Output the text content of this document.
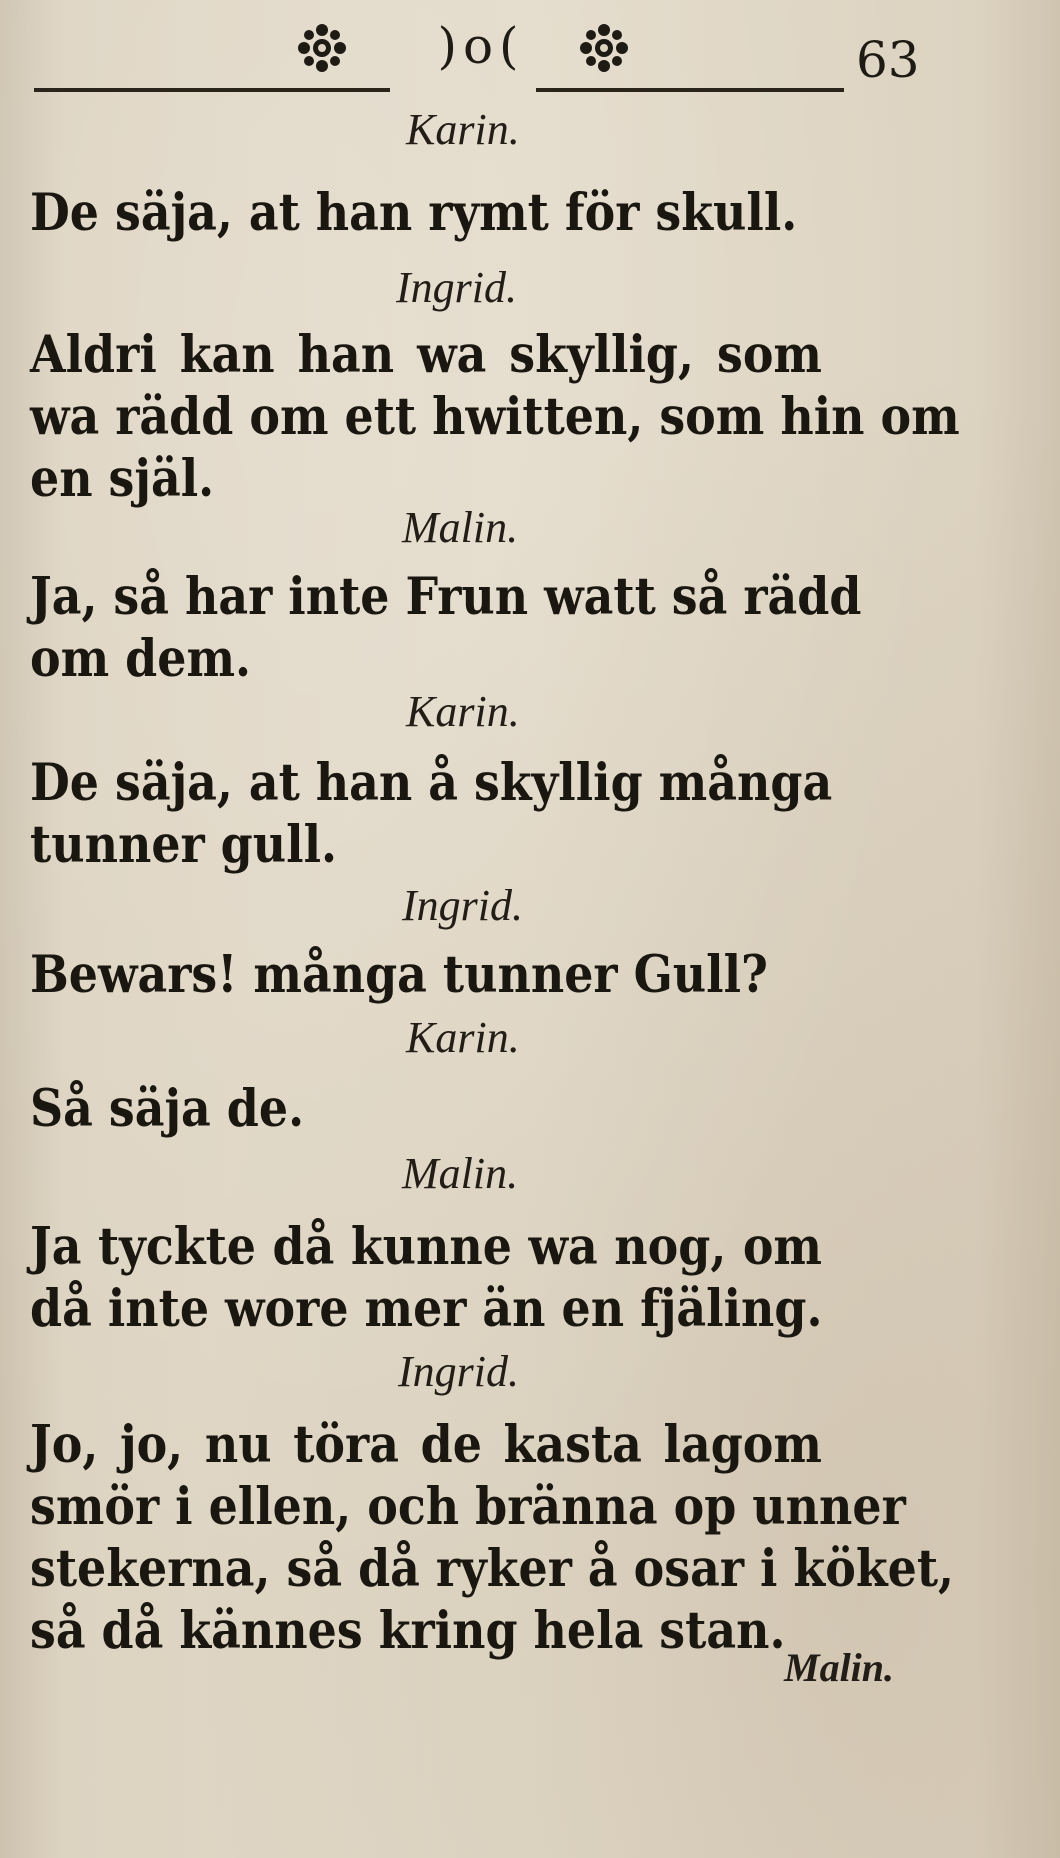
)o(	63
Karin.
De säja, at han rymt för skull.
Ingrid.
Aldri kan han wa skyllig, som
wa rädd om ett hwitten, som hin om
en själ.
Malin.
Ja, så har inte Frun watt så rädd
om dem.
Karin.
De säja, at han å skyllig många
tunner gull.
Ingrid.
Bewars! många tunner Gull?
Karin.
Så säja de.
Malin.
Ja tyckte då kunne wa nog, om
då inte wore mer än en fjäling.
Ingrid.
Jo, jo, nu töra de kasta lagom
smör i ellen, och bränna op unner
stekerna, så då ryker å osar i köket,
så då kännes kring hela stan.
Malin.
